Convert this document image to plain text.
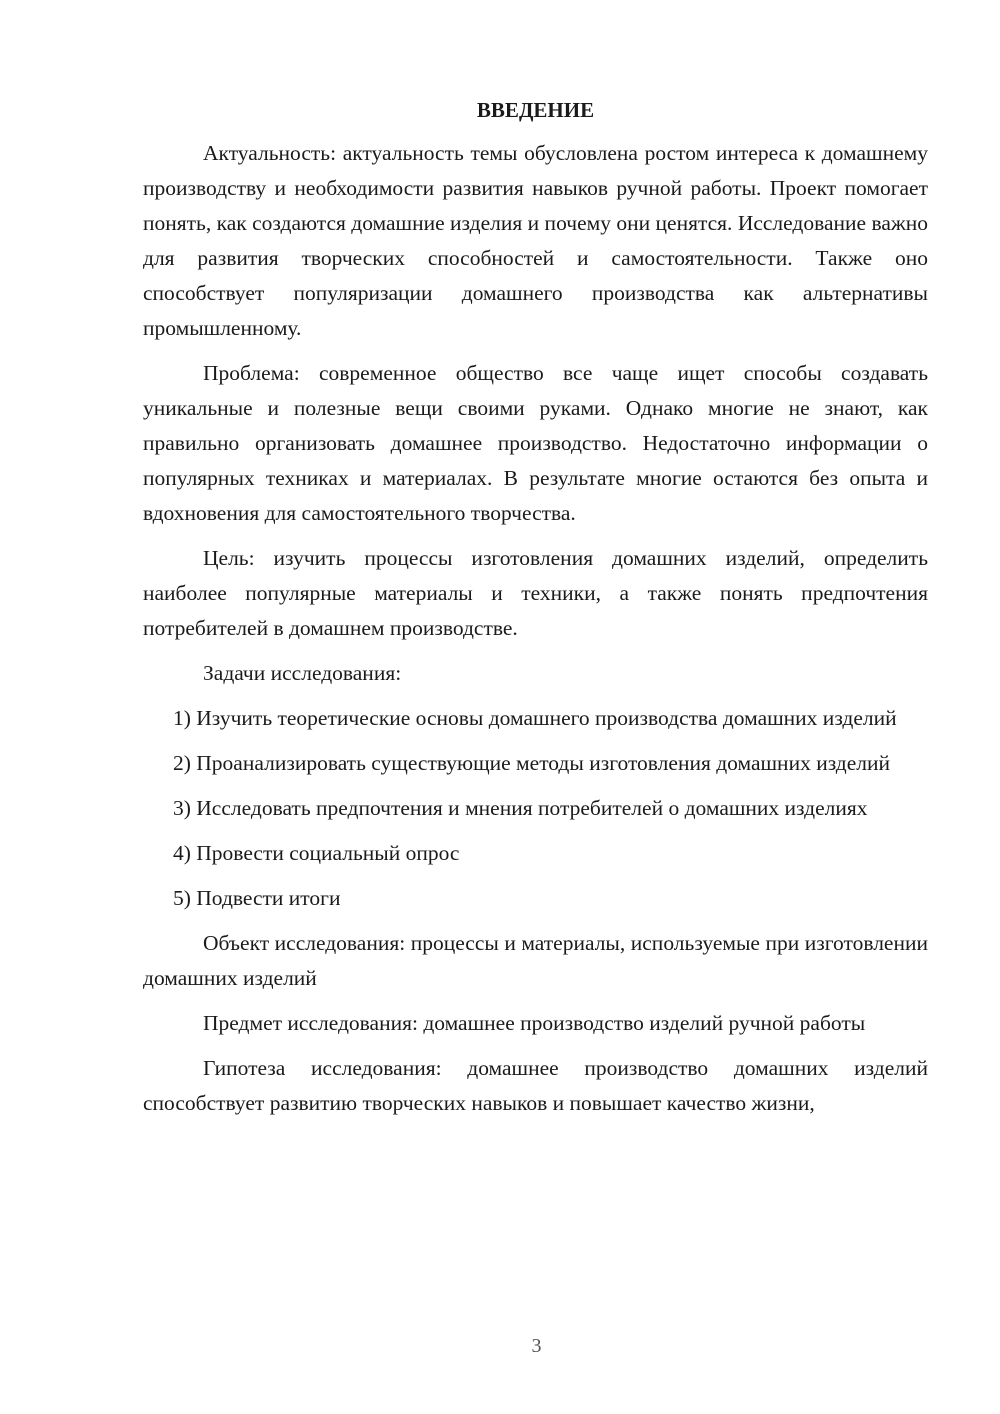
ВВЕДЕНИЕ

Актуальность: актуальность темы обусловлена ростом интереса к домашнему производству и необходимости развития навыков ручной работы. Проект помогает понять, как создаются домашние изделия и почему они ценятся. Исследование важно для развития творческих способностей и самостоятельности. Также оно способствует популяризации домашнего производства как альтернативы промышленному.

Проблема: современное общество все чаще ищет способы создавать уникальные и полезные вещи своими руками. Однако многие не знают, как правильно организовать домашнее производство. Недостаточно информации о популярных техниках и материалах. В результате многие остаются без опыта и вдохновения для самостоятельного творчества.

Цель: изучить процессы изготовления домашних изделий, определить наиболее популярные материалы и техники, а также понять предпочтения потребителей в домашнем производстве.

Задачи исследования:

1) Изучить теоретические основы домашнего производства домашних изделий

2) Проанализировать существующие методы изготовления домашних изделий

3) Исследовать предпочтения и мнения потребителей о домашних изделиях

4) Провести социальный опрос

5) Подвести итоги

Объект исследования: процессы и материалы, используемые при изготовлении домашних изделий

Предмет исследования: домашнее производство изделий ручной работы

Гипотеза исследования: домашнее производство домашних изделий способствует развитию творческих навыков и повышает качество жизни,

3
